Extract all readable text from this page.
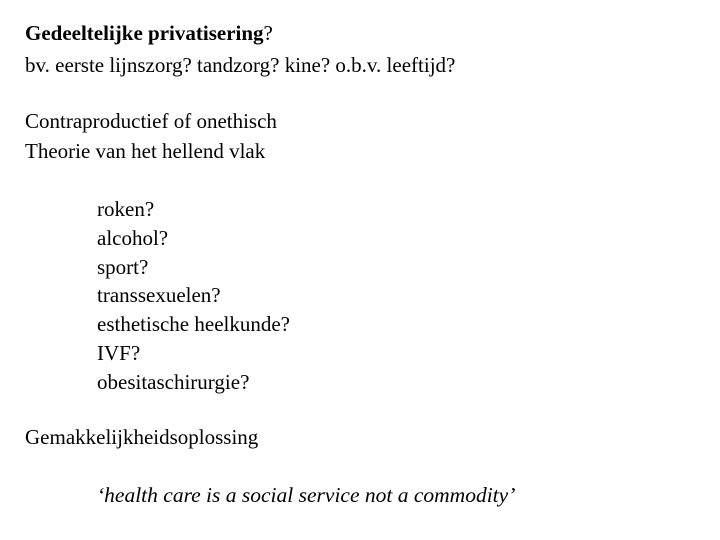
Gedeeltelijke privatisering?
bv. eerste lijnszorg? tandzorg? kine? o.b.v. leeftijd?
Contraproductief of onethisch
Theorie van het hellend vlak
roken?
alcohol?
sport?
transsexuelen?
esthetische heelkunde?
IVF?
obesitaschirurgie?
Gemakkelijkheidsoplossing
‘health care is a social service not a commodity’
